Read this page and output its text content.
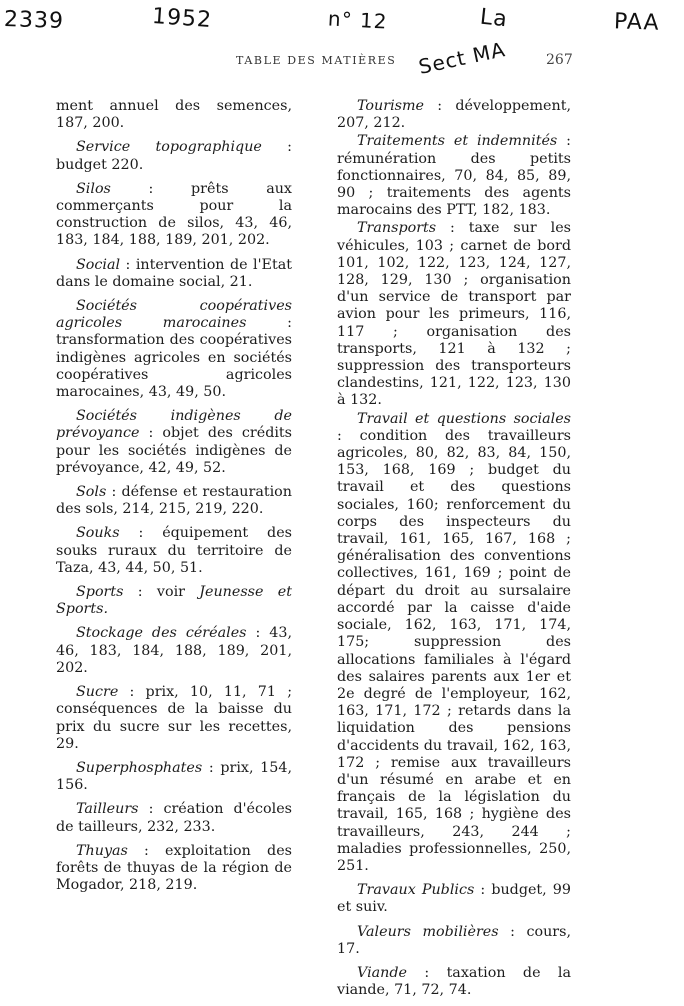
2339	1952	n° 12	La
Sect MA
PAA
TABLE DES MATIÈRES	267

ment annuel des semences, 187, 200.

Service topographique : budget 220.

Silos : prêts aux commerçants pour la construction de silos, 43, 46, 183, 184, 188, 189, 201, 202.

Social : intervention de l'Etat dans le domaine social, 21.

Sociétés coopératives agricoles marocaines : transformation des coopératives indigènes agricoles en sociétés coopératives agricoles marocaines, 43, 49, 50.

Sociétés indigènes de prévoyance : objet des crédits pour les sociétés indigènes de prévoyance, 42, 49, 52.

Sols : défense et restauration des sols, 214, 215, 219, 220.

Souks : équipement des souks ruraux du territoire de Taza, 43, 44, 50, 51.

Sports : voir Jeunesse et Sports.

Stockage des céréales : 43, 46, 183, 184, 188, 189, 201, 202.

Sucre : prix, 10, 11, 71 ; conséquences de la baisse du prix du sucre sur les recettes, 29.

Superphosphates : prix, 154, 156.

Tailleurs : création d'écoles de tailleurs, 232, 233.

Thuyas : exploitation des forêts de thuyas de la région de Mogador, 218, 219.

Tourisme : développement, 207, 212.

Traitements et indemnités : rémunération des petits fonctionnaires, 70, 84, 85, 89, 90 ; traitements des agents marocains des PTT, 182, 183.

Transports : taxe sur les véhicules, 103 ; carnet de bord 101, 102, 122, 123, 124, 127, 128, 129, 130 ; organisation d'un service de transport par avion pour les primeurs, 116, 117 ; organisation des transports, 121 à 132 ; suppression des transporteurs clandestins, 121, 122, 123, 130 à 132.

Travail et questions sociales : condition des travailleurs agricoles, 80, 82, 83, 84, 150, 153, 168, 169 ; budget du travail et des questions sociales, 160; renforcement du corps des inspecteurs du travail, 161, 165, 167, 168 ; généralisation des conventions collectives, 161, 169 ; point de départ du droit au sursalaire accordé par la caisse d'aide sociale, 162, 163, 171, 174, 175; suppression des allocations familiales à l'égard des salaires parents aux 1er et 2e degré de l'employeur, 162, 163, 171, 172 ; retards dans la liquidation des pensions d'accidents du travail, 162, 163, 172 ; remise aux travailleurs d'un résumé en arabe et en français de la législation du travail, 165, 168 ; hygiène des travailleurs, 243, 244 ; maladies professionnelles, 250, 251.

Travaux Publics : budget, 99 et suiv.

Valeurs mobilières : cours, 17.

Viande : taxation de la viande, 71, 72, 74.
